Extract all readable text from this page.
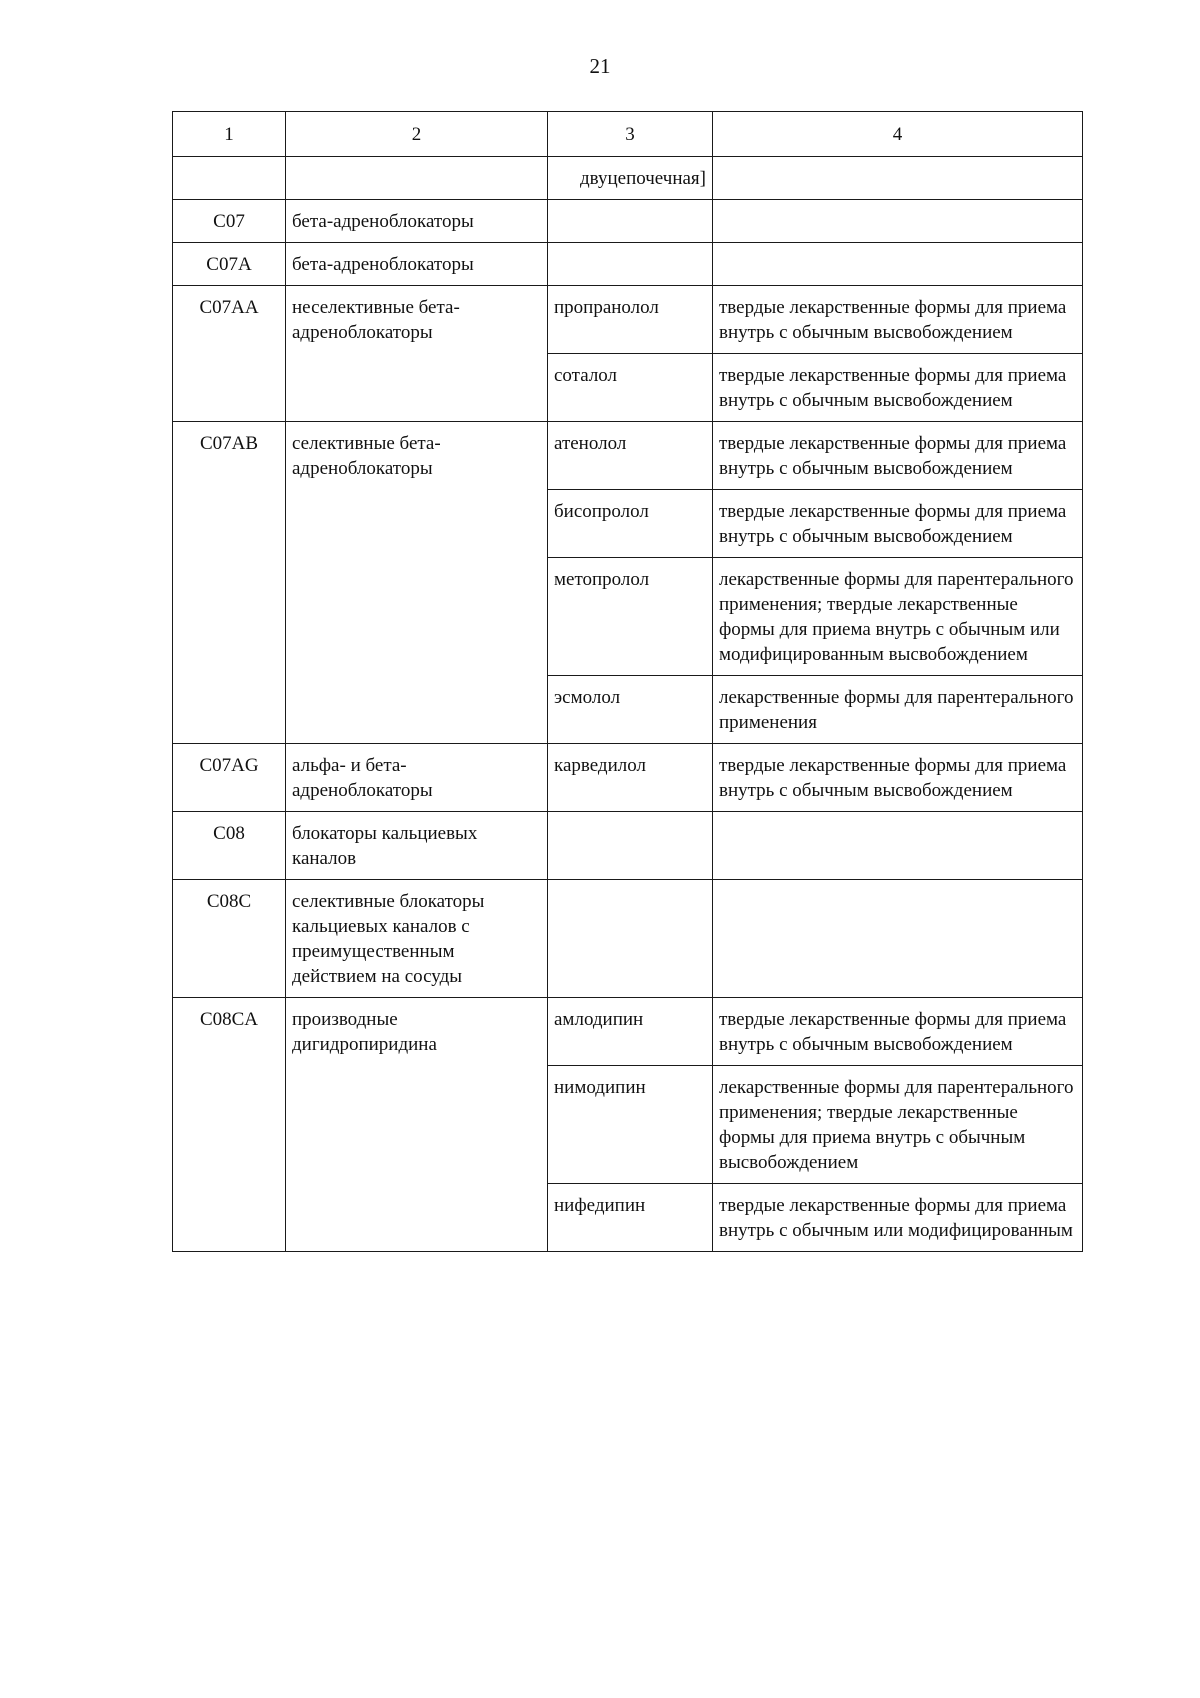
21
1	2	3	4
		двуцепочечная]	
C07	бета-адреноблокаторы		
C07A	бета-адреноблокаторы		
C07AA	неселективные бета-адреноблокаторы	пропранолол	твердые лекарственные формы для приема внутрь с обычным высвобождением
		соталол	твердые лекарственные формы для приема внутрь с обычным высвобождением
C07AB	селективные бета-адреноблокаторы	атенолол	твердые лекарственные формы для приема внутрь с обычным высвобождением
		бисопролол	твердые лекарственные формы для приема внутрь с обычным высвобождением
		метопролол	лекарственные формы для парентерального применения; твердые лекарственные формы для приема внутрь с обычным или модифицированным высвобождением
		эсмолол	лекарственные формы для парентерального применения
C07AG	альфа- и бета-адреноблокаторы	карведилол	твердые лекарственные формы для приема внутрь с обычным высвобождением
C08	блокаторы кальциевых каналов		
C08C	селективные блокаторы кальциевых каналов с преимущественным действием на сосуды		
C08CA	производные дигидропиридина	амлодипин	твердые лекарственные формы для приема внутрь с обычным высвобождением
		нимодипин	лекарственные формы для парентерального применения; твердые лекарственные формы для приема внутрь с обычным высвобождением
		нифедипин	твердые лекарственные формы для приема внутрь с обычным или модифицированным
